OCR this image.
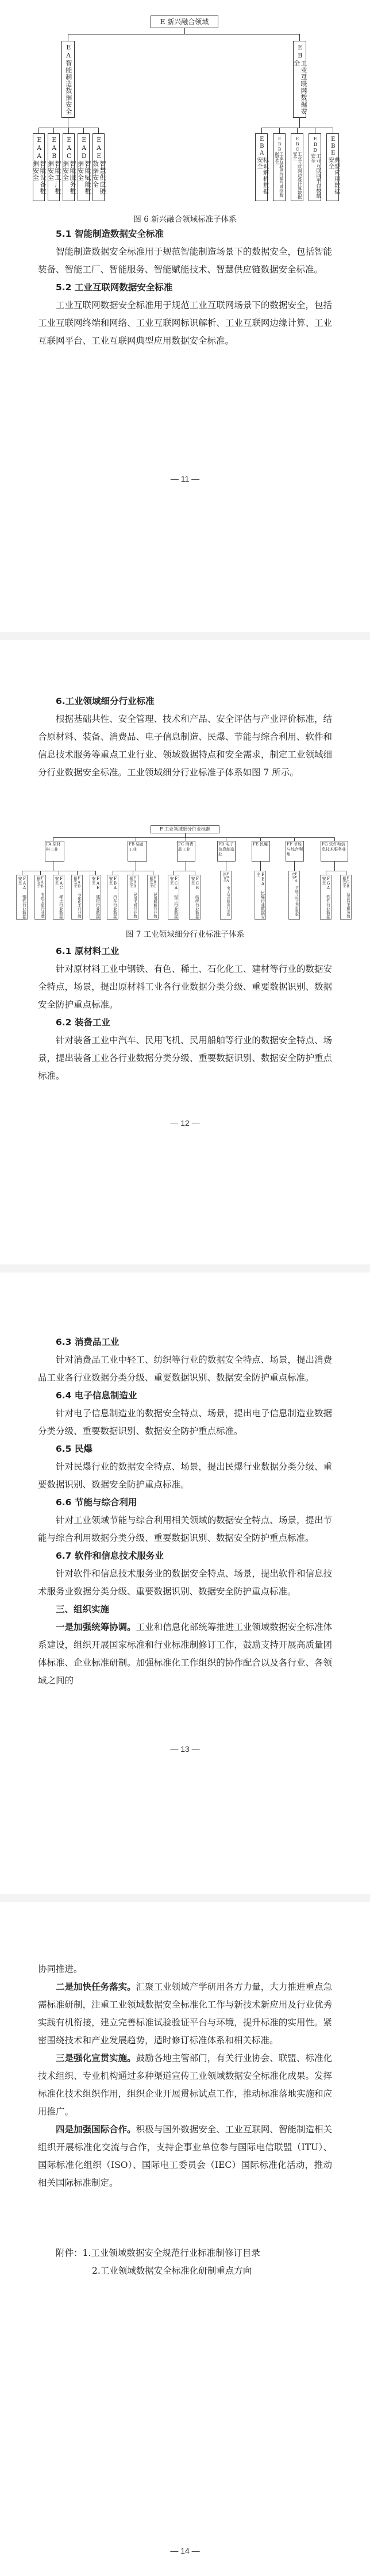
E 新兴融合领域
EA
智能制造数据安全
EB
工业互联网数据安全
EAA
智能设备数据安全
EAB
智能工厂数据安全
EAC
智能服务数据安全
EAD
智能赋能数据安全
EAE
智慧供应链数据安全
EBA
标识解析数据安全
EBB
工业互联网终端与网络数据安全
EBC
工业互联网边缘计算数据安全
EBD
工业互联网平台数据安全
EBE
典型应用数据安全
图 6 新兴融合领域标准子体系

5.1 智能制造数据安全标准

智能制造数据安全标准用于规范智能制造场景下的数据安全，包括智能装备、智能工厂、智能服务、智能赋能技术、智慧供应链数据安全标准。

5.2 工业互联网数据安全标准

工业互联网数据安全标准用于规范工业互联网场景下的数据安全，包括工业互联网终端和网络、工业互联网标识解析、工业互联网边缘计算、工业互联网平台、工业互联网典型应用数据安全标准。

— 11 —

6.工业领域细分行业标准

根据基础共性、安全管理、技术和产品、安全评估与产业评价标准，结合原材料、装备、消费品、电子信息制造、民爆、节能与综合利用、软件和信息技术服务等重点工业行业、领域数据特点和安全需求，制定工业领域细分行业数据安全标准。工业领域细分行业标准子体系如图 7 所示。

F 工业领域细分行业标准
FA 原材料工业
FB 装备工业
FC 消费品工业
FD 电子信息制造业
FE 民爆	FF 节能与综合利用
FG 软件和信息技术服务业
FAA 钢铁行业数据安全	FAB 有色金属行业数据安全	FAC 稀土行业数据安全	FAD 石化化工行业数据安全	FAE 建材行业数据安全	FBA 汽车行业数据安全	FBB 民用飞机行业数据安全	FBC 民用船舶行业数据安全	FCA 轻工行业数据安全	FCB 纺织行业数据安全	FDA 电子信息制造行业数据安全	FEA 民爆行业数据安全	FFA 节能与综合利用数据安全
FGA 软件行业数据安全	FGB 信息技术服务数据安全
图 7 工业领域细分行业标准子体系

6.1 原材料工业

针对原材料工业中钢铁、有色、稀土、石化化工、建材等行业的数据安全特点，场景，提出原材料工业各行业数据分类分级、重要数据识别、数据安全防护重点标准。

6.2 装备工业

针对装备工业中汽车、民用飞机、民用船舶等行业的数据安全特点、场景，提出装备工业各行业数据分类分级、重要数据识别、数据安全防护重点标准。

— 12 —

6.3 消费品工业

针对消费品工业中轻工、纺织等行业的数据安全特点、场景，提出消费品工业各行业数据分类分级、重要数据识别、数据安全防护重点标准。

6.4 电子信息制造业

针对电子信息制造业的数据安全特点、场景，提出电子信息制造业数据分类分级、重要数据识别、数据安全防护重点标准。

6.5 民爆

针对民爆行业的数据安全特点、场景，提出民爆行业数据分类分级、重要数据识别、数据安全防护重点标准。

6.6 节能与综合利用

针对工业领域节能与综合利用相关领域的数据安全特点、场景，提出节能与综合利用数据分类分级、重要数据识别、数据安全防护重点标准。

6.7 软件和信息技术服务业

针对软件和信息技术服务业的数据安全特点、场景，提出软件和信息技术服务业数据分类分级、重要数据识别、数据安全防护重点标准。

三、组织实施

一是加强统筹协调。工业和信息化部统筹推进工业领域数据安全标准体系建设，组织开展国家标准和行业标准制修订工作，鼓励支持开展高质量团体标准、企业标准研制。加强标准化工作组织的协作配合以及各行业、各领域之间的

— 13 —

协同推进。

二是加快任务落实。汇聚工业领域产学研用各方力量，大力推进重点急需标准研制，注重工业领域数据安全标准化工作与新技术新应用及行业优秀实践有机衔接，建立完善标准试验验证平台与环境，提升标准的实用性。紧密围绕技术和产业发展趋势，适时修订标准体系和相关标准。

三是强化宣贯实施。鼓励各地主管部门，有关行业协会、联盟、标准化技术组织、专业机构通过多种渠道宣传工业领域数据安全标准化成果。发挥标准化技术组织作用，组织企业开展贯标试点工作，推动标准落地实施和应用推广。

四是加强国际合作。积极与国外数据安全、工业互联网、智能制造相关组织开展标准化交流与合作，支持企事业单位参与国际电信联盟（ITU）、国际标准化组织（ISO）、国际电工委员会（IEC）国际标准化活动，推动相关国际标准制定。

附件：1.工业领域数据安全规范行业标准制修订目录

2.工业领域数据安全标准化研制重点方向

— 14 —
